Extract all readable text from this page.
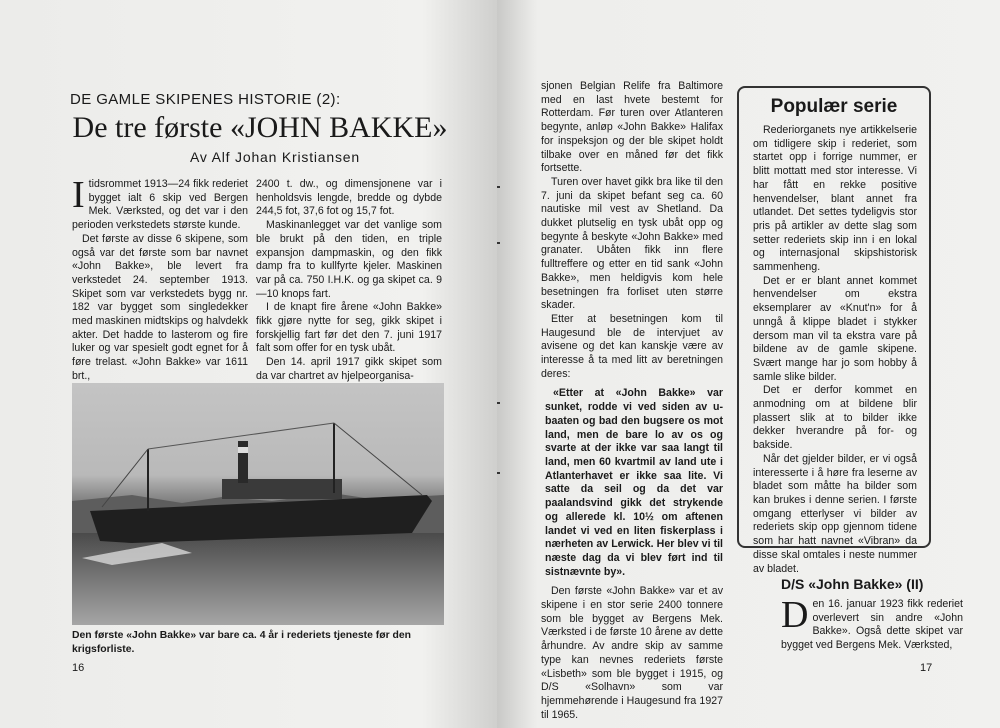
DE GAMLE SKIPENES HISTORIE (2):
De tre første «JOHN BAKKE»
Av Alf Johan Kristiansen

I tidsrommet 1913—24 fikk rederiet bygget ialt 6 skip ved Bergen Mek. Værksted, og det var i den perioden verkstedets største kunde.

Det første av disse 6 skipene, som også var det første som bar navnet «John Bakke», ble levert fra verkstedet 24. september 1913. Skipet som var verkstedets bygg nr. 182 var bygget som singledekker med maskinen midtskips og halvdekk akter. Det hadde to lasterom og fire luker og var spesielt godt egnet for å føre trelast. «John Bakke» var 1611 brt.,

2400 t. dw., og dimensjonene var i henholdsvis lengde, bredde og dybde 244,5 fot, 37,6 fot og 15,7 fot.

Maskinanlegget var det vanlige som ble brukt på den tiden, en triple expansjon dampmaskin, og den fikk damp fra to kullfyrte kjeler. Maskinen var på ca. 750 I.H.K. og ga skipet ca. 9—10 knops fart.

I de knapt fire årene «John Bakke» fikk gjøre nytte for seg, gikk skipet i forskjellig fart før det den 7. juni 1917 falt som offer for en tysk ubåt.

Den 14. april 1917 gikk skipet som da var chartret av hjelpeorganisa-

Den første «John Bakke» var bare ca. 4 år i rederiets tjeneste før den krigsforliste.
16

sjonen Belgian Relife fra Baltimore med en last hvete bestemt for Rotterdam. Før turen over Atlanteren begynte, anløp «John Bakke» Halifax for inspeksjon og der ble skipet holdt tilbake over en måned før det fikk fortsette.

Turen over havet gikk bra like til den 7. juni da skipet befant seg ca. 60 nautiske mil vest av Shetland. Da dukket plutselig en tysk ubåt opp og begynte å beskyte «John Bakke» med granater. Ubåten fikk inn flere fulltreffere og etter en tid sank «John Bakke», men heldigvis kom hele besetningen fra forliset uten større skader.

Etter at besetningen kom til Haugesund ble de intervjuet av avisene og det kan kanskje være av interesse å ta med litt av beretningen deres:

«Etter at «John Bakke» var sunket, rodde vi ved siden av u-baaten og bad den bugsere os mot land, men de bare lo av os og svarte at der ikke var saa langt til land, men 60 kvartmil av land ute i Atlanterhavet er ikke saa lite. Vi satte da seil og da det var paalandsvind gikk det strykende og allerede kl. 10½ om aftenen landet vi ved en liten fiskerplass i nærheten av Lerwick. Her blev vi til næste dag da vi blev ført ind til sistnævnte by».

Den første «John Bakke» var et av skipene i en stor serie 2400 tonnere som ble bygget av Bergens Mek. Værksted i de første 10 årene av dette århundre. Av andre skip av samme type kan nevnes rederiets første «Lisbeth» som ble bygget i 1915, og D/S «Solhavn» som var hjemmehørende i Haugesund fra 1927 til 1965.

Populær serie

Rederiorganets nye artikkelserie om tidligere skip i rederiet, som startet opp i forrige nummer, er blitt mottatt med stor interesse. Vi har fått en rekke positive henvendelser, blant annet fra utlandet. Det settes tydeligvis stor pris på artikler av dette slag som setter rederiets skip inn i en lokal og internasjonal skipshistorisk sammenheng.

Det er er blant annet kommet henvendelser om ekstra eksemplarer av «Knut'n» for å unngå å klippe bladet i stykker dersom man vil ta ekstra vare på bildene av de gamle skipene. Svært mange har jo som hobby å samle slike bilder.

Det er derfor kommet en anmodning om at bildene blir plassert slik at to bilder ikke dekker hverandre på for- og bakside.

Når det gjelder bilder, er vi også interesserte i å høre fra leserne av bladet som måtte ha bilder som kan brukes i denne serien. I første omgang etterlyser vi bilder av rederiets skip opp gjennom tidene som har hatt navnet «Vibran» da disse skal omtales i neste nummer av bladet.

D/S «John Bakke» (II)

D en 16. januar 1923 fikk rederiet overlevert sin andre «John Bakke». Også dette skipet var bygget ved Bergens Mek. Værksted,

17
